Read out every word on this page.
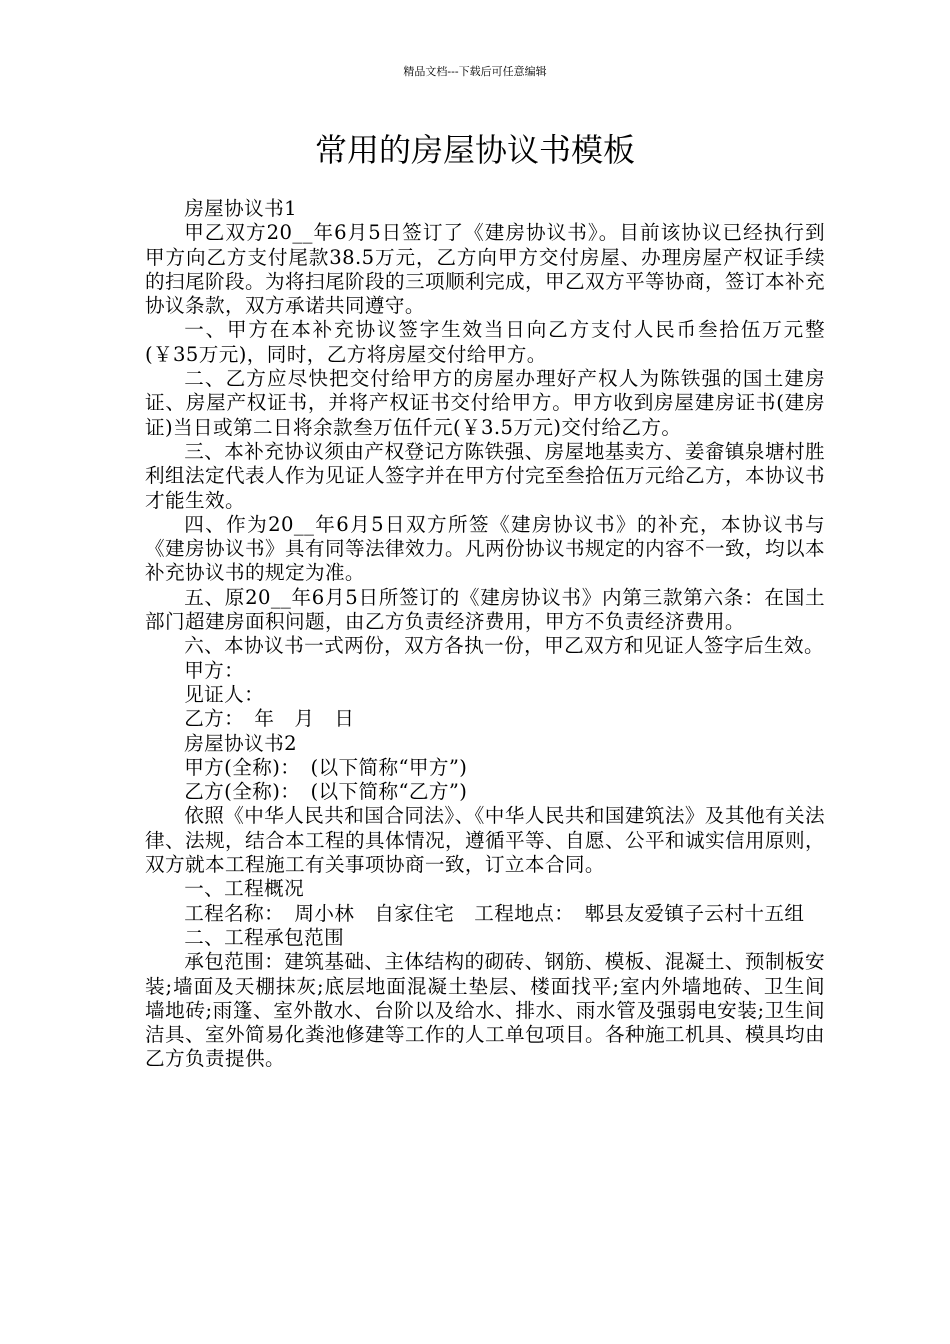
精品文档---下载后可任意编辑
常用的房屋协议书模板

房屋协议书1

甲乙双方20__年6月5日签订了《建房协议书》。目前该协议已经执行到甲方向乙方支付尾款38.5万元，乙方向甲方交付房屋、办理房屋产权证手续的扫尾阶段。为将扫尾阶段的三项顺利完成，甲乙双方平等协商，签订本补充协议条款，双方承诺共同遵守。

一、甲方在本补充协议签字生效当日向乙方支付人民币叁拾伍万元整(￥35万元)，同时，乙方将房屋交付给甲方。

二、乙方应尽快把交付给甲方的房屋办理好产权人为陈铁强的国土建房证、房屋产权证书，并将产权证书交付给甲方。甲方收到房屋建房证书(建房证)当日或第二日将余款叁万伍仟元(￥3.5万元)交付给乙方。

三、本补充协议须由产权登记方陈铁强、房屋地基卖方、姜畲镇泉塘村胜利组法定代表人作为见证人签字并在甲方付完至叁拾伍万元给乙方，本协议书才能生效。

四、作为20__年6月5日双方所签《建房协议书》的补充，本协议书与《建房协议书》具有同等法律效力。凡两份协议书规定的内容不一致，均以本补充协议书的规定为准。

五、原20__年6月5日所签订的《建房协议书》内第三款第六条：在国土部门超建房面积问题，由乙方负责经济费用，甲方不负责经济费用。

六、本协议书一式两份，双方各执一份，甲乙双方和见证人签字后生效。

甲方：

见证人：

乙方：　年　月　日

房屋协议书2

甲方(全称)：　(以下简称“甲方”)

乙方(全称)：　(以下简称“乙方”)

依照《中华人民共和国合同法》、《中华人民共和国建筑法》及其他有关法律、法规，结合本工程的具体情况，遵循平等、自愿、公平和诚实信用原则，双方就本工程施工有关事项协商一致，订立本合同。

一、工程概况

工程名称：　周小林　自家住宅　工程地点：　郫县友爱镇子云村十五组

二、工程承包范围

承包范围：建筑基础、主体结构的砌砖、钢筋、模板、混凝土、预制板安装;墙面及天棚抹灰;底层地面混凝土垫层、楼面找平;室内外墙地砖、卫生间墙地砖;雨篷、室外散水、台阶以及给水、排水、雨水管及强弱电安装;卫生间洁具、室外简易化粪池修建等工作的人工单包项目。各种施工机具、模具均由乙方负责提供。
